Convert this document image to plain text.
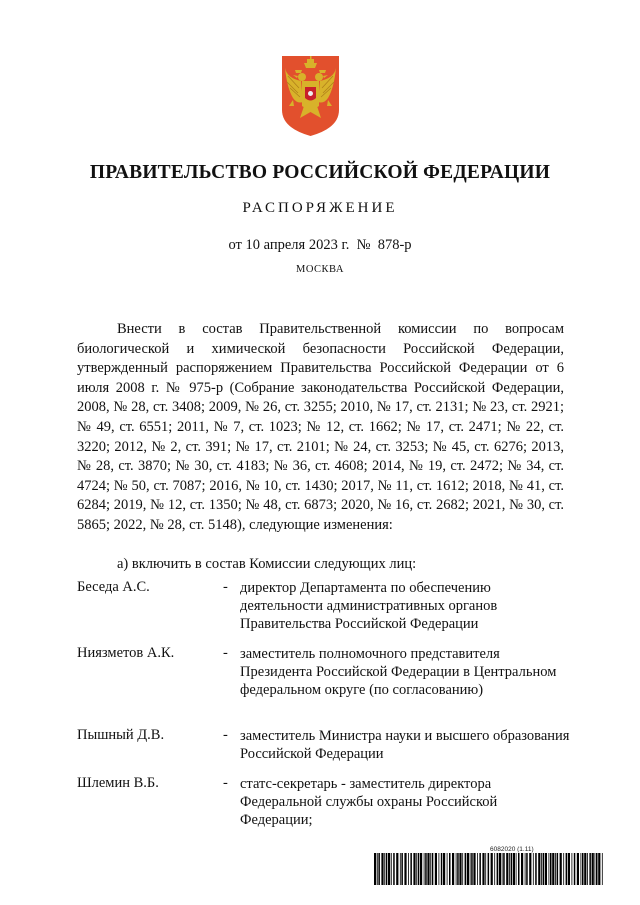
ПРАВИТЕЛЬСТВО РОССИЙСКОЙ ФЕДЕРАЦИИ
РАСПОРЯЖЕНИЕ
от 10 апреля 2023 г.  №  878-р
МОСКВА
Внести в состав Правительственной комиссии по вопросам биологической и химической безопасности Российской Федерации, утвержденный распоряжением Правительства Российской Федерации от 6 июля 2008 г. № 975-р (Собрание законодательства Российской Федерации, 2008, № 28, ст. 3408; 2009, № 26, ст. 3255; 2010, № 17, ст. 2131; № 23, ст. 2921; № 49, ст. 6551; 2011, № 7, ст. 1023; № 12, ст. 1662; № 17, ст. 2471; № 22, ст. 3220; 2012, № 2, ст. 391; № 17, ст. 2101; № 24, ст. 3253; № 45, ст. 6276; 2013, № 28, ст. 3870; № 30, ст. 4183; № 36, ст. 4608; 2014, № 19, ст. 2472; № 34, ст. 4724; № 50, ст. 7087; 2016, № 10, ст. 1430; 2017, № 11, ст. 1612; 2018, № 41, ст. 6284; 2019, № 12, ст. 1350; № 48, ст. 6873; 2020, № 16, ст. 2682; 2021, № 30, ст. 5865; 2022, № 28, ст. 5148), следующие изменения:
а) включить в состав Комиссии следующих лиц:
Беседа А.С.	- директор Департамента по обеспечению деятельности административных органов Правительства Российской Федерации
Ниязметов А.К.	- заместитель полномочного представителя Президента Российской Федерации в Центральном федеральном округе (по согласованию)
Пышный Д.В.	- заместитель Министра науки и высшего образования Российской Федерации
Шлемин В.Б.	- статс-секретарь - заместитель директора Федеральной службы охраны Российской Федерации;
6082020 (1.11)
